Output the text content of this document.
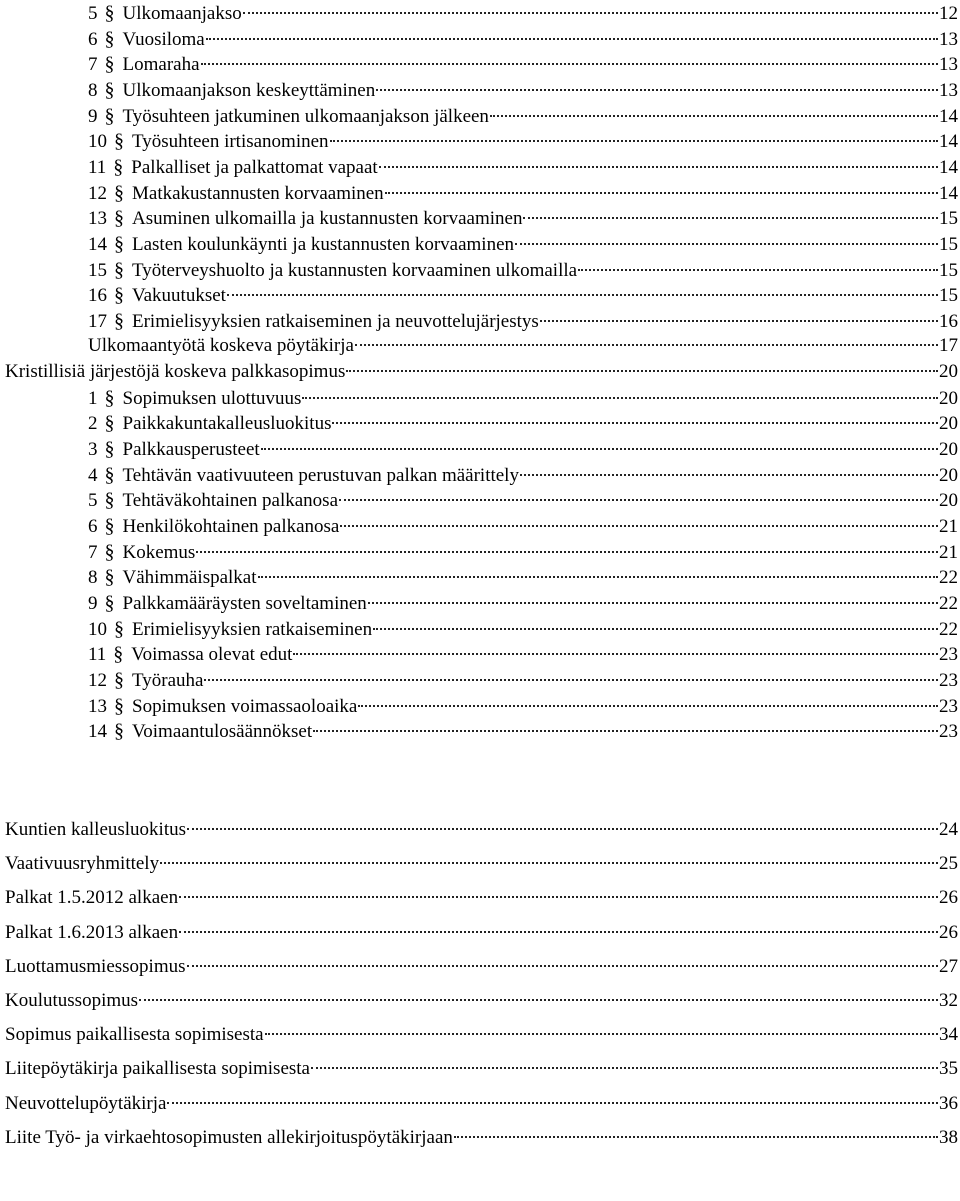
5 § Ulkomaanjakso	12
6 § Vuosiloma	13
7 § Lomaraha	13
8 § Ulkomaanjakson keskeyttäminen	13
9 § Työsuhteen jatkuminen ulkomaanjakson jälkeen	14
10 § Työsuhteen irtisanominen	14
11 § Palkalliset ja palkattomat vapaat	14
12 § Matkakustannusten korvaaminen	14
13 § Asuminen ulkomailla ja kustannusten korvaaminen	15
14 § Lasten koulunkäynti ja kustannusten korvaaminen	15
15 § Työterveyshuolto ja kustannusten korvaaminen ulkomailla	15
16 § Vakuutukset	15
17 § Erimielisyyksien ratkaiseminen ja neuvottelujärjestys	16
Ulkomaantyötä koskeva pöytäkirja	17
Kristillisiä järjestöjä koskeva palkkasopimus	20
1 § Sopimuksen ulottuvuus	20
2 § Paikkakuntakalleusluokitus	20
3 § Palkkausperusteet	20
4 § Tehtävän vaativuuteen perustuvan palkan määrittely	20
5 § Tehtäväkohtainen palkanosa	20
6 § Henkilökohtainen palkanosa	21
7 § Kokemus	21
8 § Vähimmäispalkat	22
9 § Palkkamääräysten soveltaminen	22
10 § Erimielisyyksien ratkaiseminen	22
11 § Voimassa olevat edut	23
12 § Työrauha	23
13 § Sopimuksen voimassaoloaika	23
14 § Voimaantulosäännökset	23
Kuntien kalleusluokitus	24
Vaativuusryhmittely	25
Palkat 1.5.2012 alkaen	26
Palkat 1.6.2013 alkaen	26
Luottamusmiessopimus	27
Koulutussopimus	32
Sopimus paikallisesta sopimisesta	34
Liitepöytäkirja paikallisesta sopimisesta	35
Neuvottelupöytäkirja	36
Liite Työ- ja virkaehtosopimusten allekirjoituspöytäkirjaan	38
